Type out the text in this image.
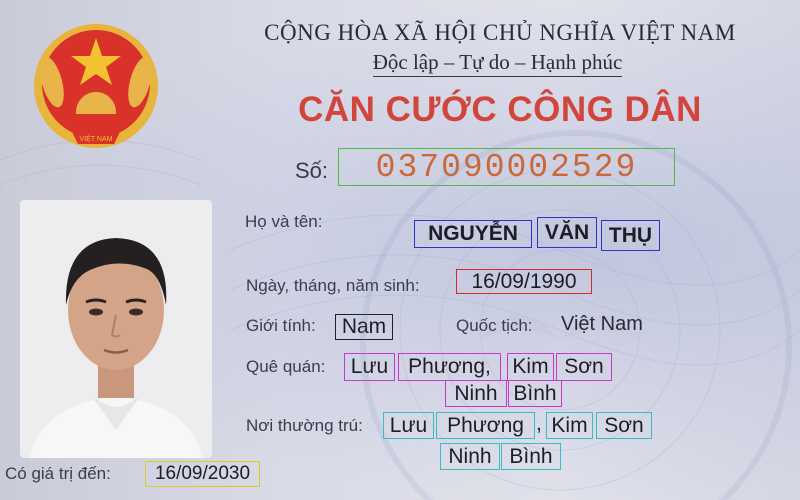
VIỆT NAM
CỘNG HÒA XÃ HỘI CHỦ NGHĨA VIỆT NAM
Độc lập – Tự do – Hạnh phúc
CĂN CƯỚC CÔNG DÂN
Số:	037090002529
Họ và tên:
NGUYỄN	VĂN THỤ
Ngày, tháng, năm sinh:	16/09/1990
Giới tính:	Nam	Quốc tịch: Việt Nam
Quê quán:	Lưu Phương,	Kim Sơn
Ninh Bình
Nơi thường trú:	Lưu Phương , Kim Sơn
Ninh Bình
Có giá trị đến:	16/09/2030
